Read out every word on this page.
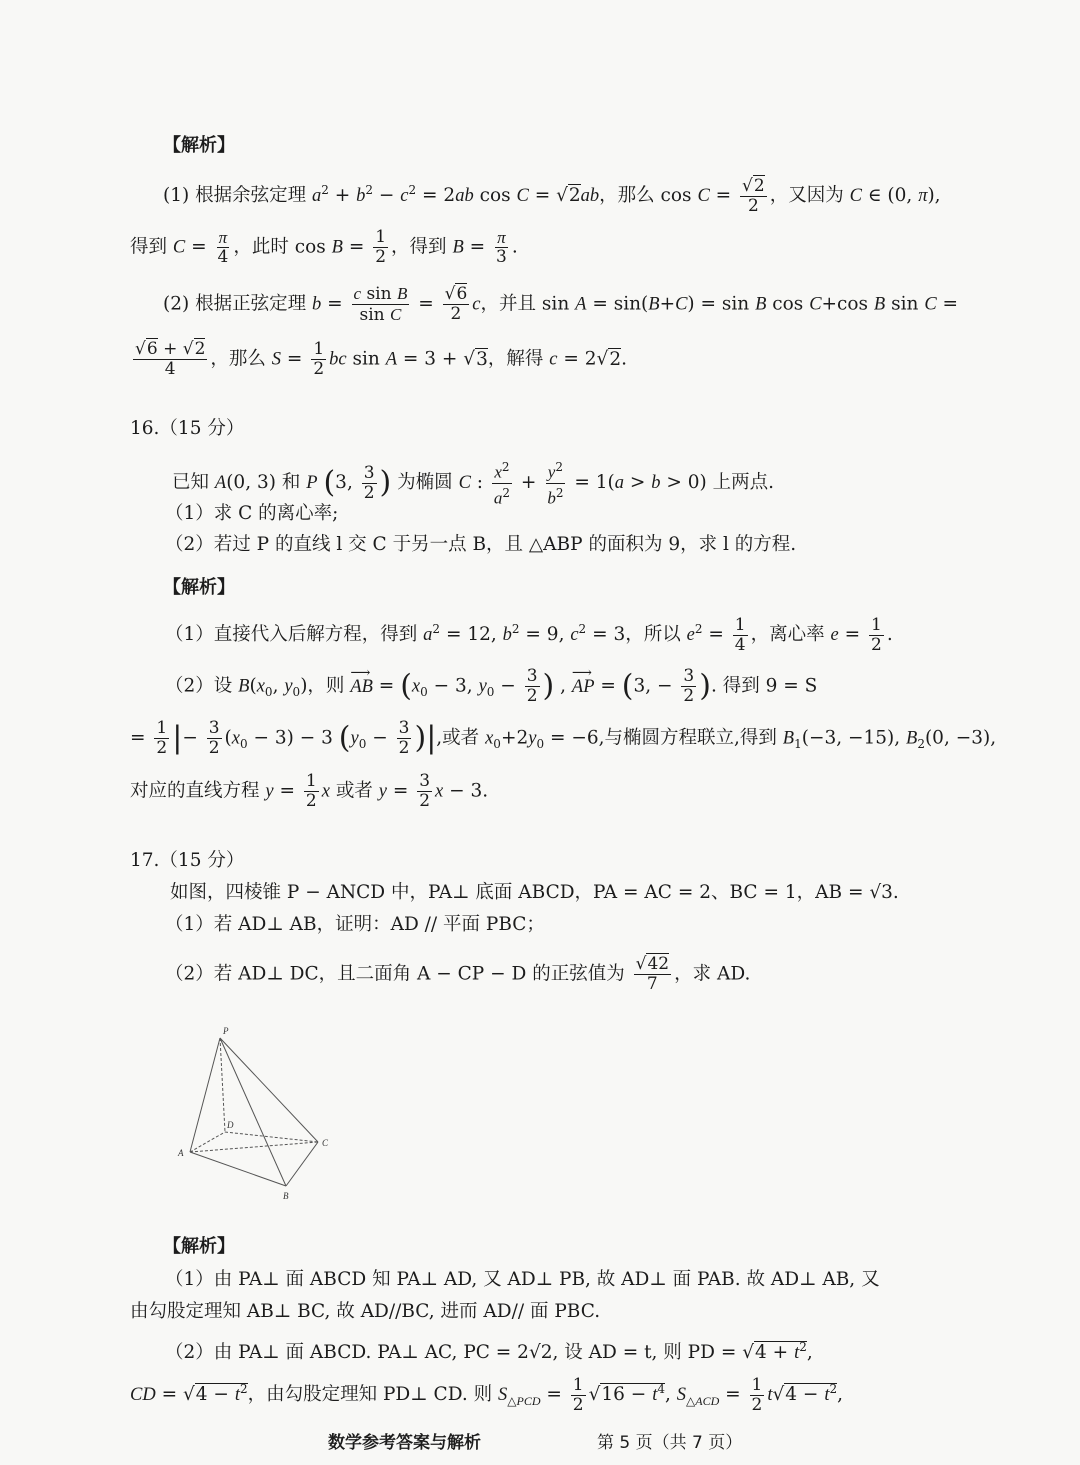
【解析】
(1) 根据余弦定理 $a^2 + b^2 - c^2 = 2ab$ cos C = √2ab，那么 $\cos C = \frac{√2}{2}$ ，又因为 C ∈ (0, π),
得到 $C = \frac{\pi}{4}$ ，此时 $\cos B = \frac{1}{2}$ ，得到 $B = \frac{\pi}{3}$ .
(2) 根据正弦定理 $b = \frac{\text{c sin B}}{\text{sin C}} = \frac{√6}{2}$ c，并且 sin A = sin(B+C) = sin B cos C+cos B sin C =
$\frac{√6 + √2}{4}$ ，那么 $S = \frac{1}{2}$ bc sin A = 3 + √3，解得 c = 2√2.
16.（15 分）
已知 A(0, 3) 和 P (3, $\frac{3}{2}$ ) 为椭圆 C : $\frac{x^2}{a^2} + \frac{y^2}{b^2} = 1(a > b > 0)$ 上两点.
（1）求 C 的离心率;
（2）若过 P 的直线 l 交 C 于另一点 B，且 △ABP 的面积为 9，求 l 的方程.
【解析】
（1）直接代入后解方程，得到 $a^2 = 12$, $b^2 = 9$, $c^2 = 3$，所以 $e^2 = \frac{1}{4}$ ，离心率 $e = \frac{1}{2}$ .
（2）设 $B(x_0$, $y_0$)，则 ⟶ AB = ($x_0 - 3$, $y_0 - \frac{3}{2}$ ) , ⟶ AP = (3, − $\frac{3}{2}$ ). 得到 9 = S
= $\frac{1}{2}$ |− $\frac{3}{2} (x_0 - 3) - 3$ ($y_0 - \frac{3}{2}$ )|,或者 $x_0+2y_0 = -6$,与椭圆方程联立,得到 $B_1(-3$, −15), $B_2(0$, −3),
对应的直线方程 $y = \frac{1}{2}$ x 或者 $y = \frac{3}{2}$ x − 3.
17.（15 分）
如图，四棱锥 P − ANCD 中，PA⊥ 底面 ABCD，PA = AC = 2、BC = 1，AB = √3.
（1）若 AD⊥ AB，证明：AD // 平面 PBC；
（2）若 AD⊥ DC，且二面角 A − CP − D 的正弦值为 $\frac{√42}{7}$ ，求 AD.
P
A
B
C
D
【解析】
（1）由 PA⊥ 面 ABCD 知 PA⊥ AD, 又 AD⊥ PB, 故 AD⊥ 面 PAB. 故 AD⊥ AB, 又
由勾股定理知 AB⊥ BC, 故 AD//BC, 进而 AD// 面 PBC.
（2）由 PA⊥ 面 ABCD. PA⊥ AC, PC = 2√2, 设 AD = t, 则 PD = $√4 + t^2$,
CD = $√4 - t^2$，由勾股定理知 PD⊥ CD. 则 $S_{\triangle PCD} = \frac{1}{2} √16 - t^4$, $S_{\triangle ACD} = \frac{1}{2} t√4 - t^2$,
数学参考答案与解析	第 5 页（共 7 页）
